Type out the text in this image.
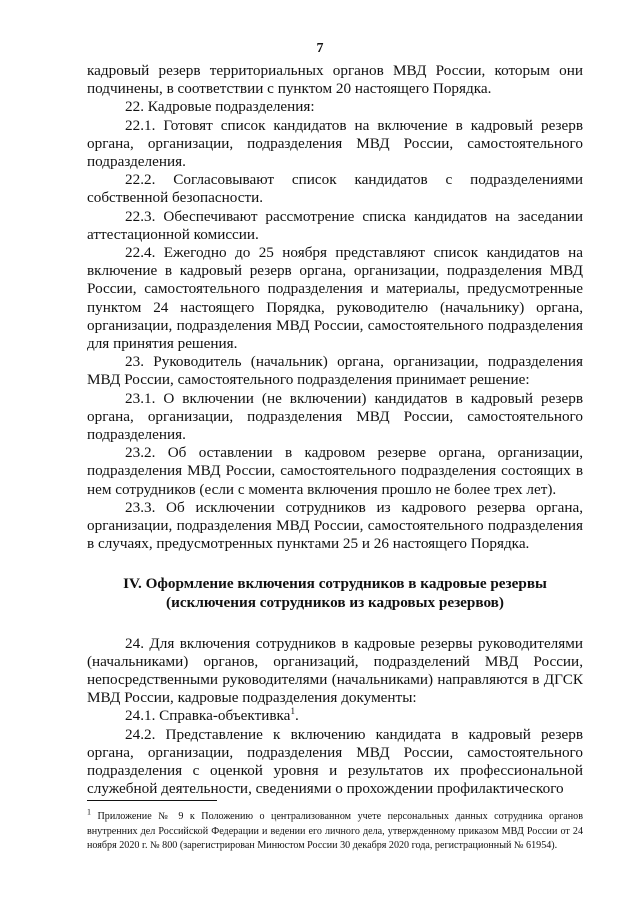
7

кадровый резерв территориальных органов МВД России, которым они подчинены, в соответствии с пунктом 20 настоящего Порядка.

22. Кадровые подразделения:

22.1. Готовят список кандидатов на включение в кадровый резерв органа, организации, подразделения МВД России, самостоятельного подразделения.

22.2. Согласовывают список кандидатов с подразделениями собственной безопасности.

22.3. Обеспечивают рассмотрение списка кандидатов на заседании аттестационной комиссии.

22.4. Ежегодно до 25 ноября представляют список кандидатов на включение в кадровый резерв органа, организации, подразделения МВД России, самостоятельного подразделения и материалы, предусмотренные пунктом 24 настоящего Порядка, руководителю (начальнику) органа, организации, подразделения МВД России, самостоятельного подразделения для принятия решения.

23. Руководитель (начальник) органа, организации, подразделения МВД России, самостоятельного подразделения принимает решение:

23.1. О включении (не включении) кандидатов в кадровый резерв органа, организации, подразделения МВД России, самостоятельного подразделения.

23.2. Об оставлении в кадровом резерве органа, организации, подразделения МВД России, самостоятельного подразделения состоящих в нем сотрудников (если с момента включения прошло не более трех лет).

23.3. Об исключении сотрудников из кадрового резерва органа, организации, подразделения МВД России, самостоятельного подразделения в случаях, предусмотренных пунктами 25 и 26 настоящего Порядка.

IV. Оформление включения сотрудников в кадровые резервы
(исключения сотрудников из кадровых резервов)

24. Для включения сотрудников в кадровые резервы руководителями (начальниками) органов, организаций, подразделений МВД России, непосредственными руководителями (начальниками) направляются в ДГСК МВД России, кадровые подразделения документы:

24.1. Справка-объективка$^1$.

24.2. Представление к включению кандидата в кадровый резерв органа, организации, подразделения МВД России, самостоятельного подразделения с оценкой уровня и результатов их профессиональной служебной деятельности, сведениями о прохождении профилактического

$^1$ Приложение № 9 к Положению о централизованном учете персональных данных сотрудника органов внутренних дел Российской Федерации и ведении его личного дела, утвержденному приказом МВД России от 24 ноября 2020 г. № 800 (зарегистрирован Минюстом России 30 декабря 2020 года, регистрационный № 61954).
